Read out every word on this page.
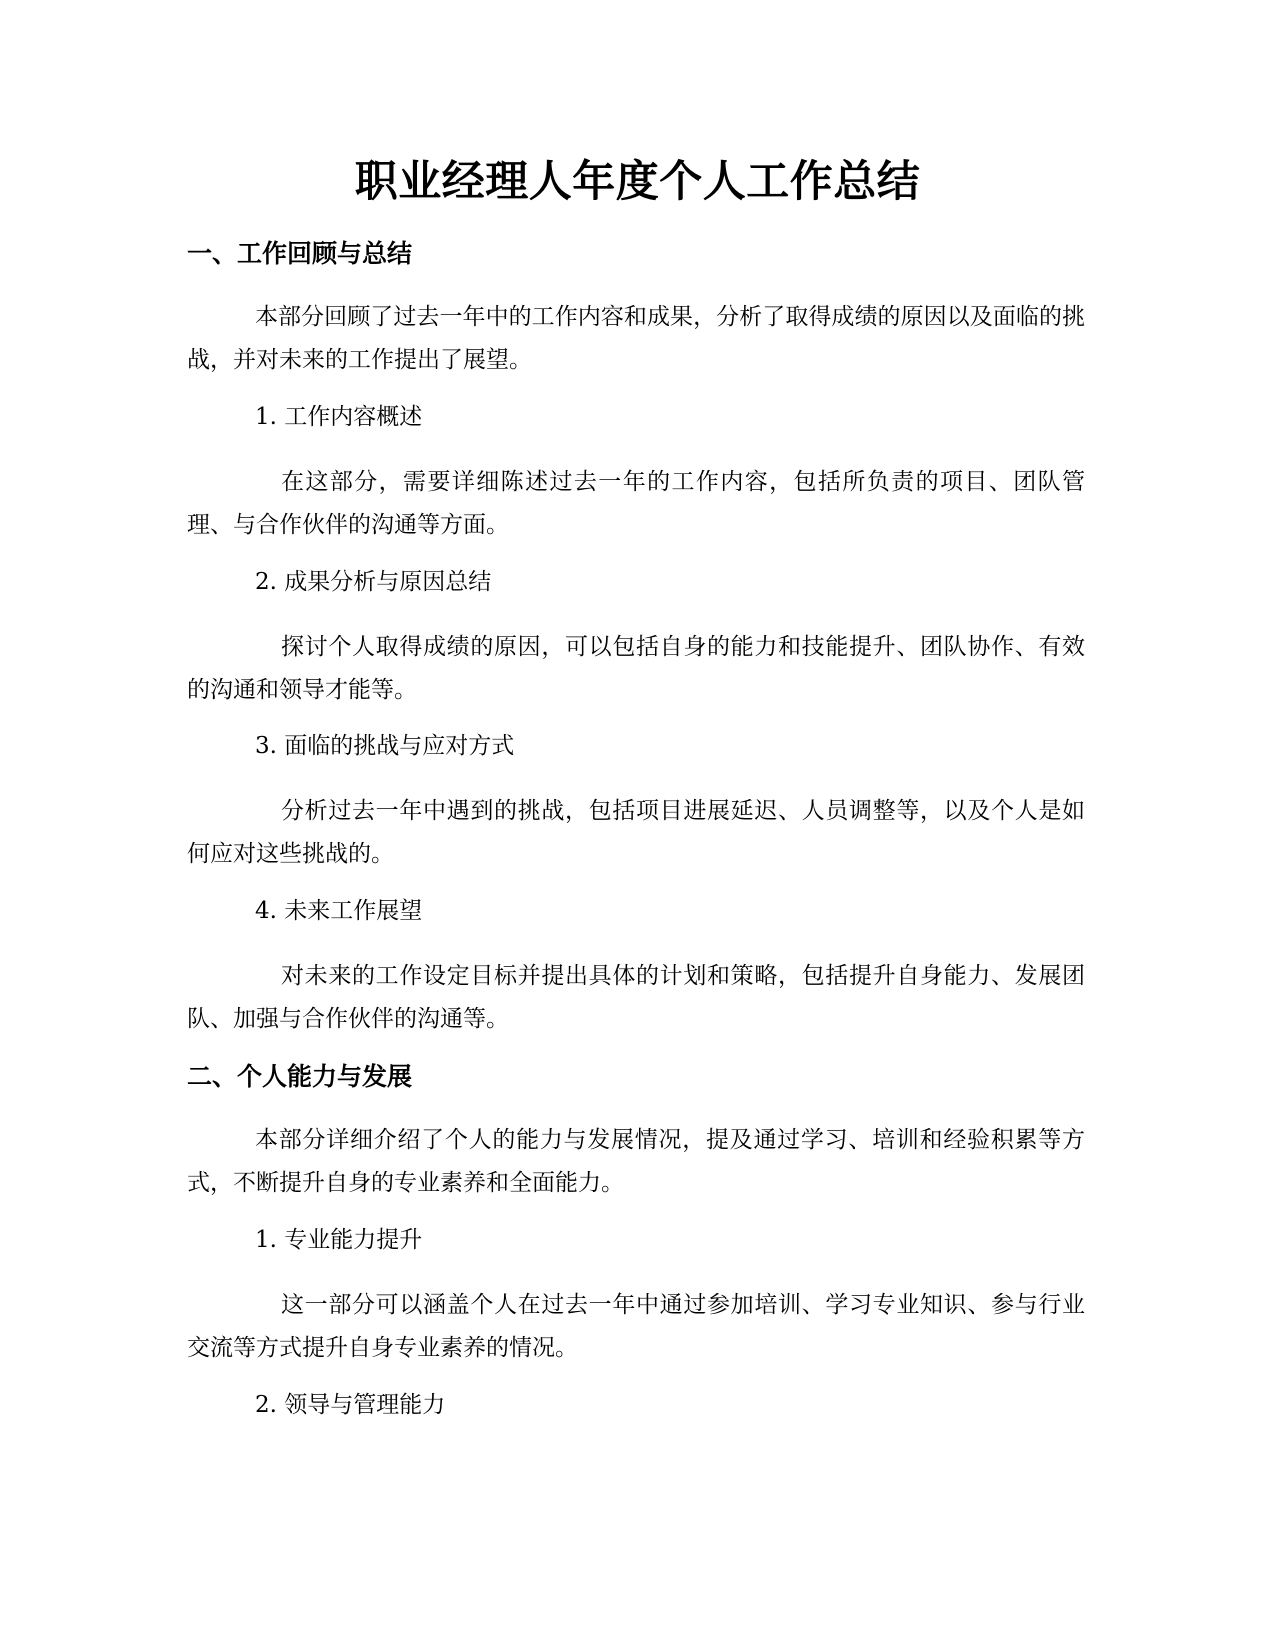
职业经理人年度个人工作总结
一、工作回顾与总结

本部分回顾了过去一年中的工作内容和成果，分析了取得成绩的原因以及面临的挑战，并对未来的工作提出了展望。

1. 工作内容概述

在这部分，需要详细陈述过去一年的工作内容，包括所负责的项目、团队管理、与合作伙伴的沟通等方面。

2. 成果分析与原因总结

探讨个人取得成绩的原因，可以包括自身的能力和技能提升、团队协作、有效的沟通和领导才能等。

3. 面临的挑战与应对方式

分析过去一年中遇到的挑战，包括项目进展延迟、人员调整等，以及个人是如何应对这些挑战的。

4. 未来工作展望

对未来的工作设定目标并提出具体的计划和策略，包括提升自身能力、发展团队、加强与合作伙伴的沟通等。

二、个人能力与发展

本部分详细介绍了个人的能力与发展情况，提及通过学习、培训和经验积累等方式，不断提升自身的专业素养和全面能力。

1. 专业能力提升

这一部分可以涵盖个人在过去一年中通过参加培训、学习专业知识、参与行业交流等方式提升自身专业素养的情况。

2. 领导与管理能力
